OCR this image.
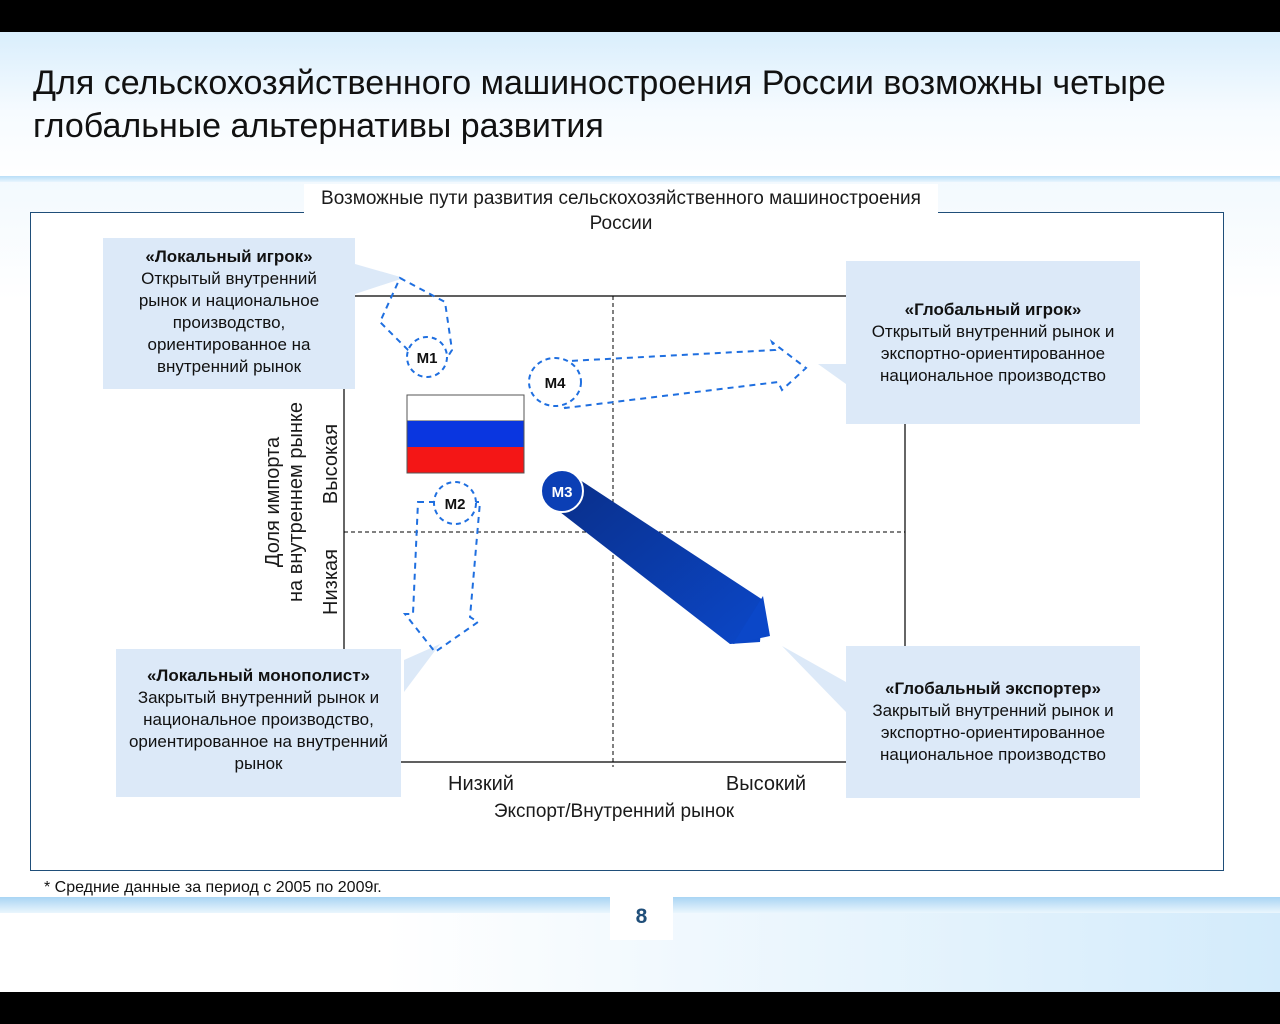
Для сельскохозяйственного машиностроения России возможны четыре глобальные альтернативы развития
Возможные пути развития сельскохозяйственного машиностроения России
М1
М2
М3
М4
Низкий	Высокий
Экспорт/Внутренний рынок
Высокая
Низкая
Доля импорта на внутреннем рынке
«Локальный игрок»
Открытый внутренний рынок и национальное производство, ориентированное на внутренний рынок
«Глобальный игрок»
Открытый внутренний рынок и экспортно-ориентированное национальное производство
«Локальный монополист»
Закрытый внутренний рынок и национальное производство, ориентированное на внутренний рынок
«Глобальный экспортер»
Закрытый внутренний рынок и экспортно-ориентированное национальное производство
* Средние данные за период с 2005 по 2009г.
8
